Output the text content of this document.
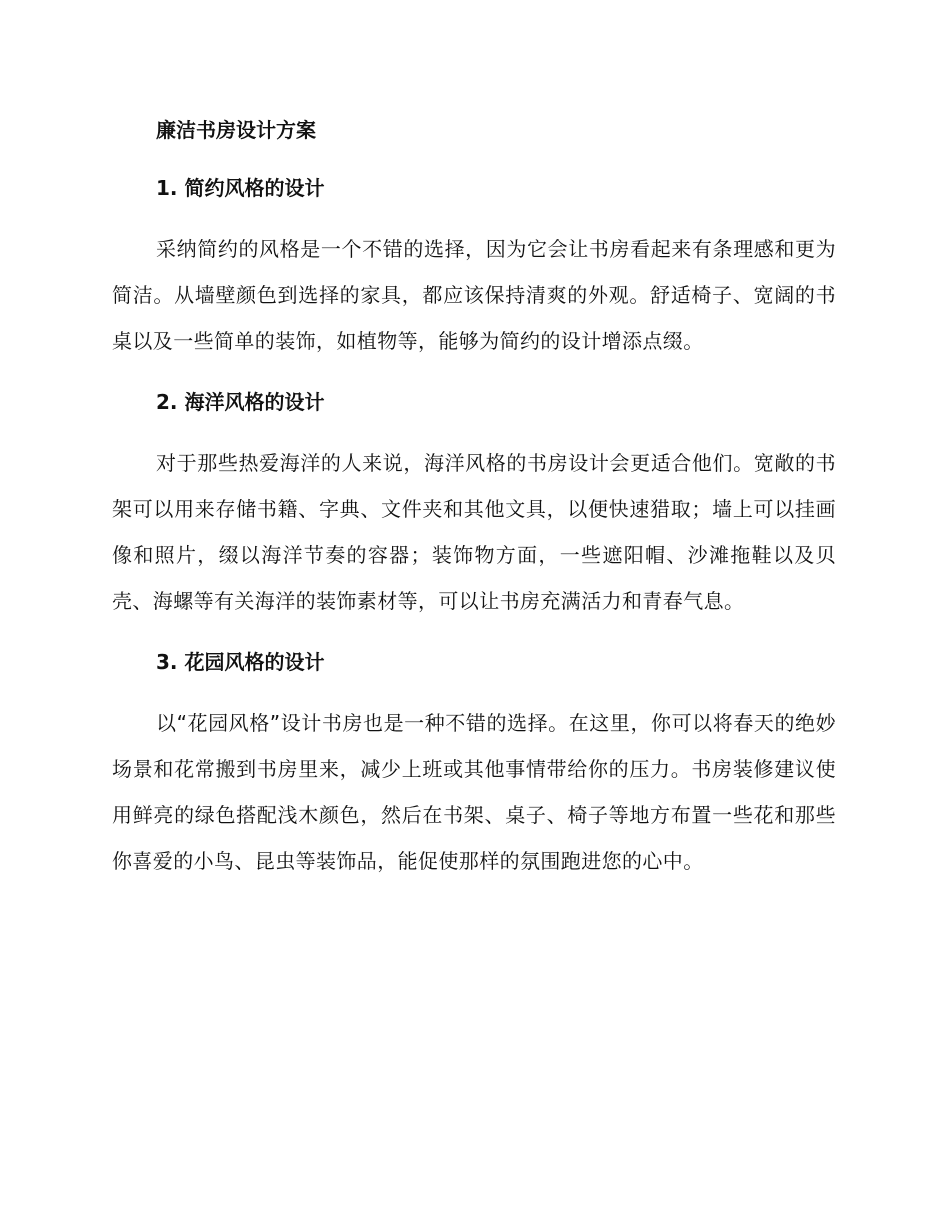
廉洁书房设计方案
1. 简约风格的设计

采纳简约的风格是一个不错的选择，因为它会让书房看起来有条理感和更为简洁。从墙壁颜色到选择的家具，都应该保持清爽的外观。舒适椅子、宽阔的书桌以及一些简单的装饰，如植物等，能够为简约的设计增添点缀。

2. 海洋风格的设计

对于那些热爱海洋的人来说，海洋风格的书房设计会更适合他们。宽敞的书架可以用来存储书籍、字典、文件夹和其他文具，以便快速猎取；墙上可以挂画像和照片，缀以海洋节奏的容器；装饰物方面，一些遮阳帽、沙滩拖鞋以及贝壳、海螺等有关海洋的装饰素材等，可以让书房充满活力和青春气息。

3. 花园风格的设计

以“花园风格”设计书房也是一种不错的选择。在这里，你可以将春天的绝妙场景和花常搬到书房里来，减少上班或其他事情带给你的压力。书房装修建议使用鲜亮的绿色搭配浅木颜色，然后在书架、桌子、椅子等地方布置一些花和那些你喜爱的小鸟、昆虫等装饰品，能促使那样的氛围跑进您的心中。
